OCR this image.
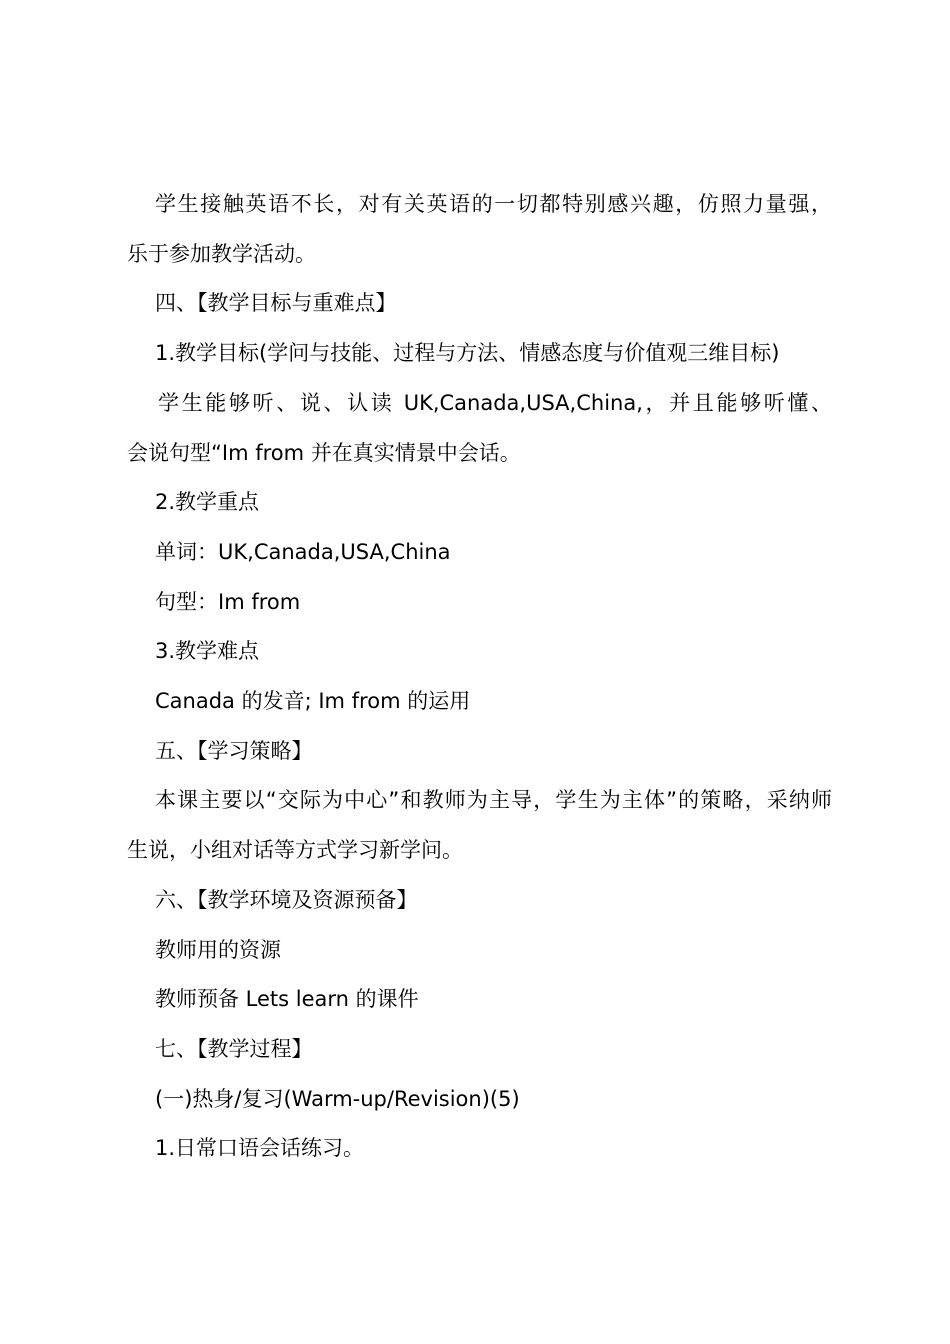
学生接触英语不长，对有关英语的一切都特别感兴趣，仿照力量强，

乐于参加教学活动。

四、【教学目标与重难点】

1.教学目标(学问与技能、过程与方法、情感态度与价值观三维目标)

学生能够听、说、认读 UK,Canada,USA,China,，并且能够听懂、

会说句型“Im from 并在真实情景中会话。

2.教学重点

单词：UK,Canada,USA,China

句型：Im from

3.教学难点

Canada 的发音; Im from 的运用

五、【学习策略】

本课主要以“交际为中心”和教师为主导，学生为主体”的策略，采纳师

生说，小组对话等方式学习新学问。

六、【教学环境及资源预备】

教师用的资源

教师预备 Lets learn 的课件

七、【教学过程】

(一)热身/复习(Warm-up/Revision)(5)

1.日常口语会话练习。
